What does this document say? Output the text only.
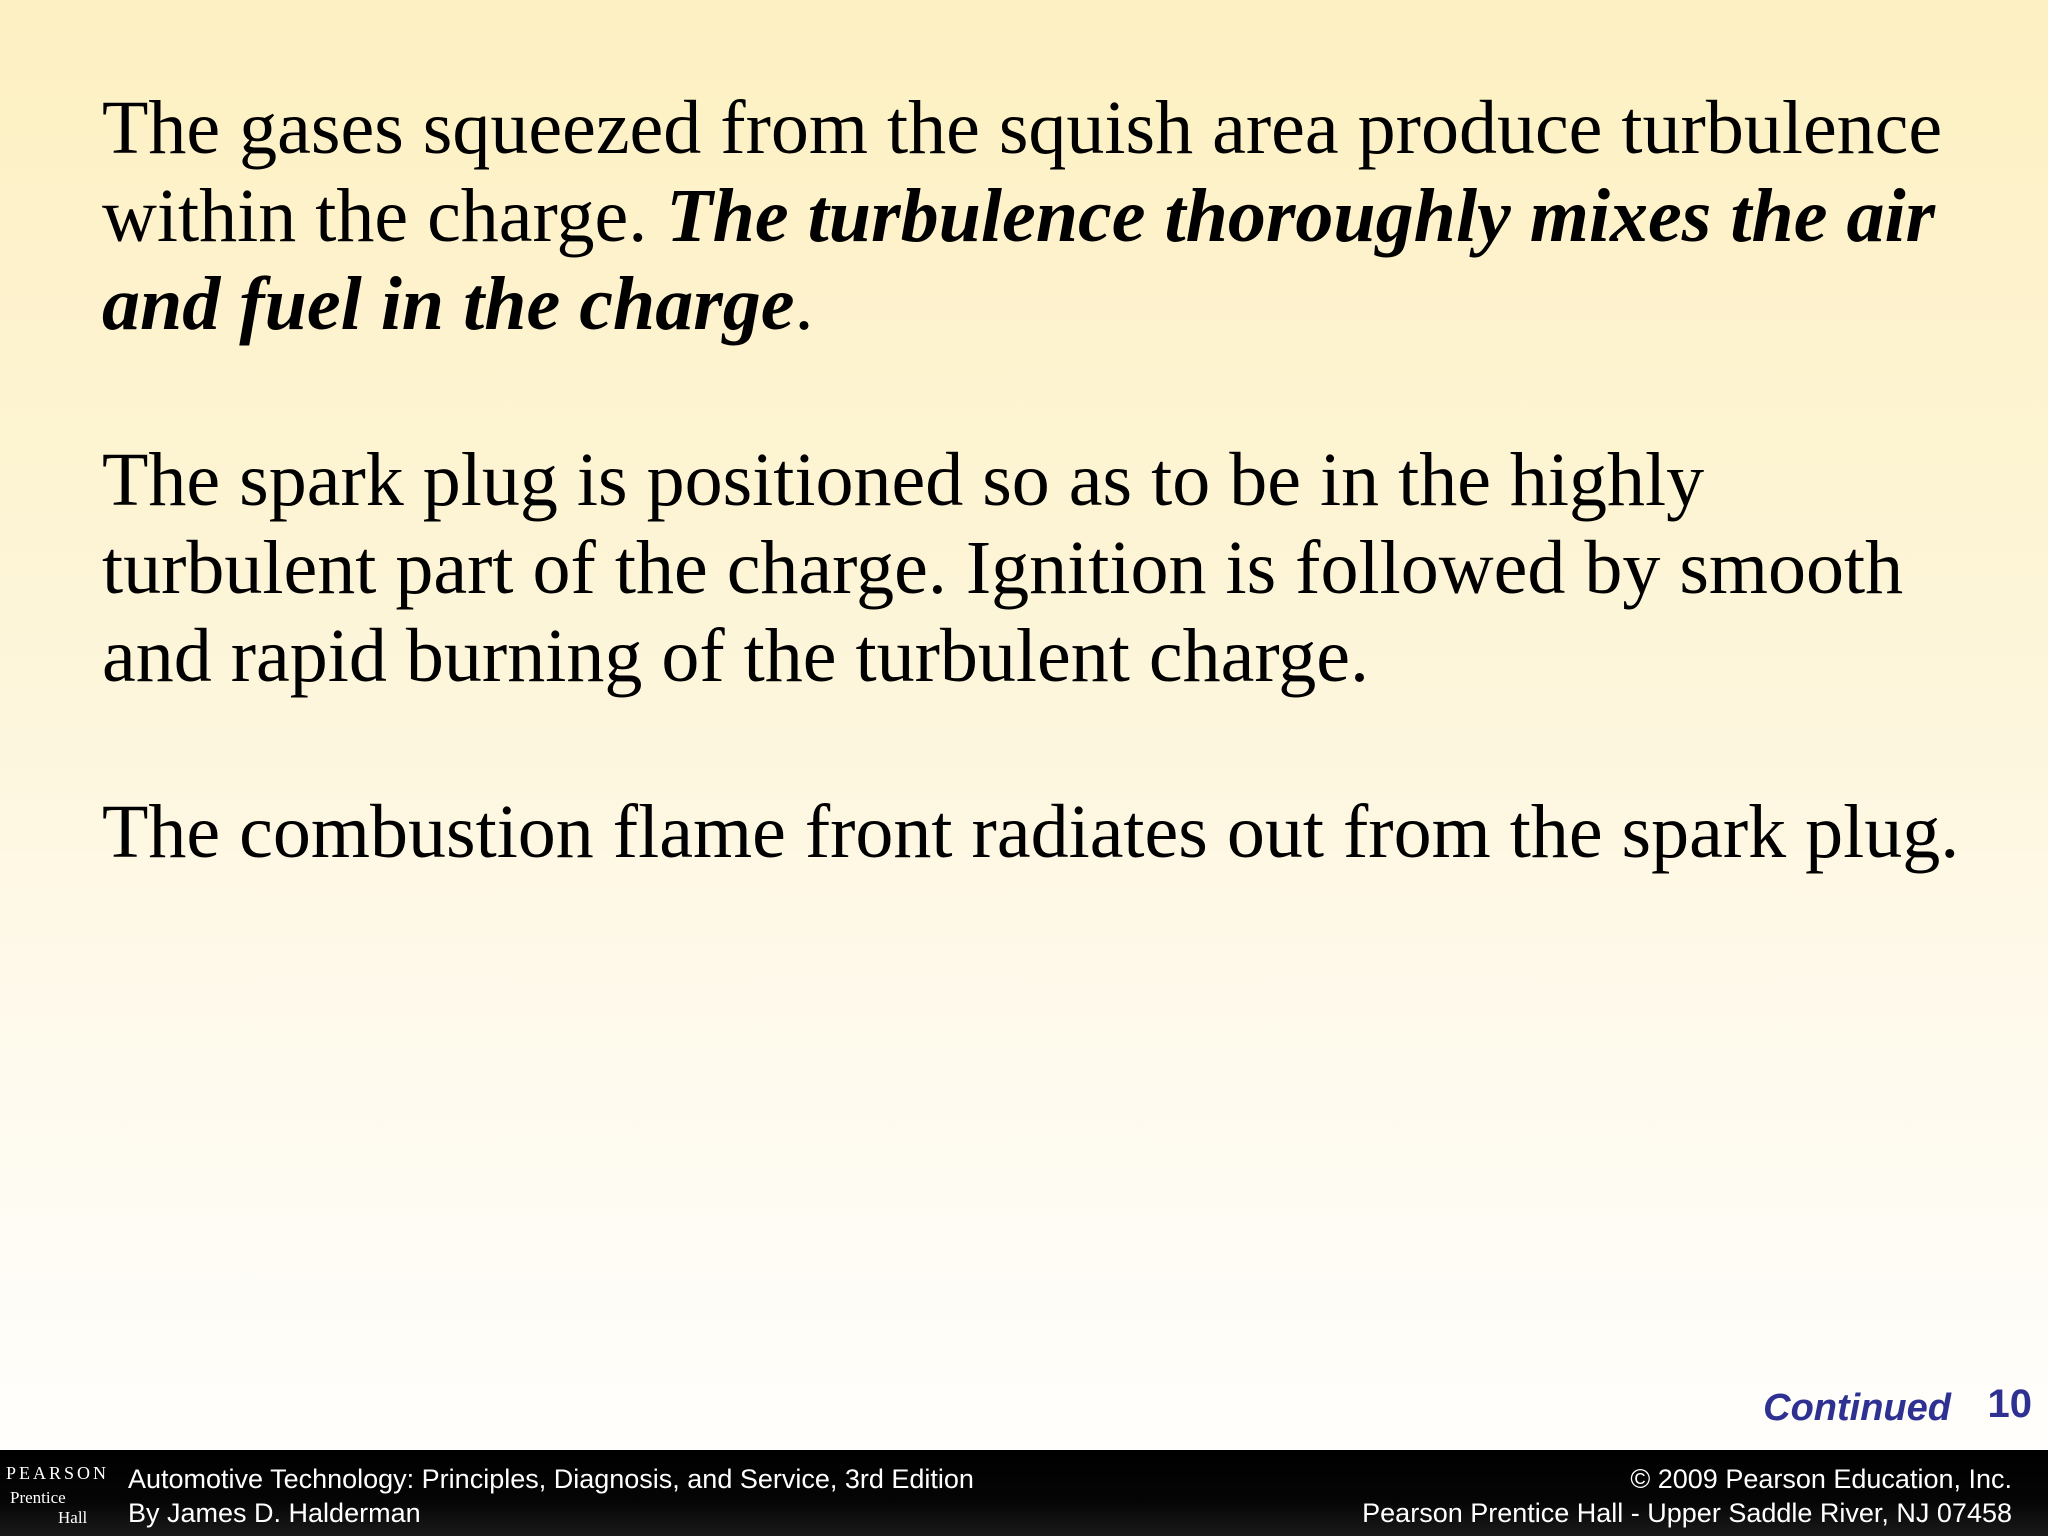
The gases squeezed from the squish area produce turbulence within the charge. The turbulence thoroughly mixes the air and fuel in the charge.

The spark plug is positioned so as to be in the highly turbulent part of the charge. Ignition is followed by smooth and rapid burning of the turbulent charge.

The combustion flame front radiates out from the spark plug.

Continued 10
PEARSON
Prentice
Hall
Automotive Technology: Principles, Diagnosis, and Service, 3rd Edition
By James D. Halderman
© 2009 Pearson Education, Inc.
Pearson Prentice Hall - Upper Saddle River, NJ 07458
